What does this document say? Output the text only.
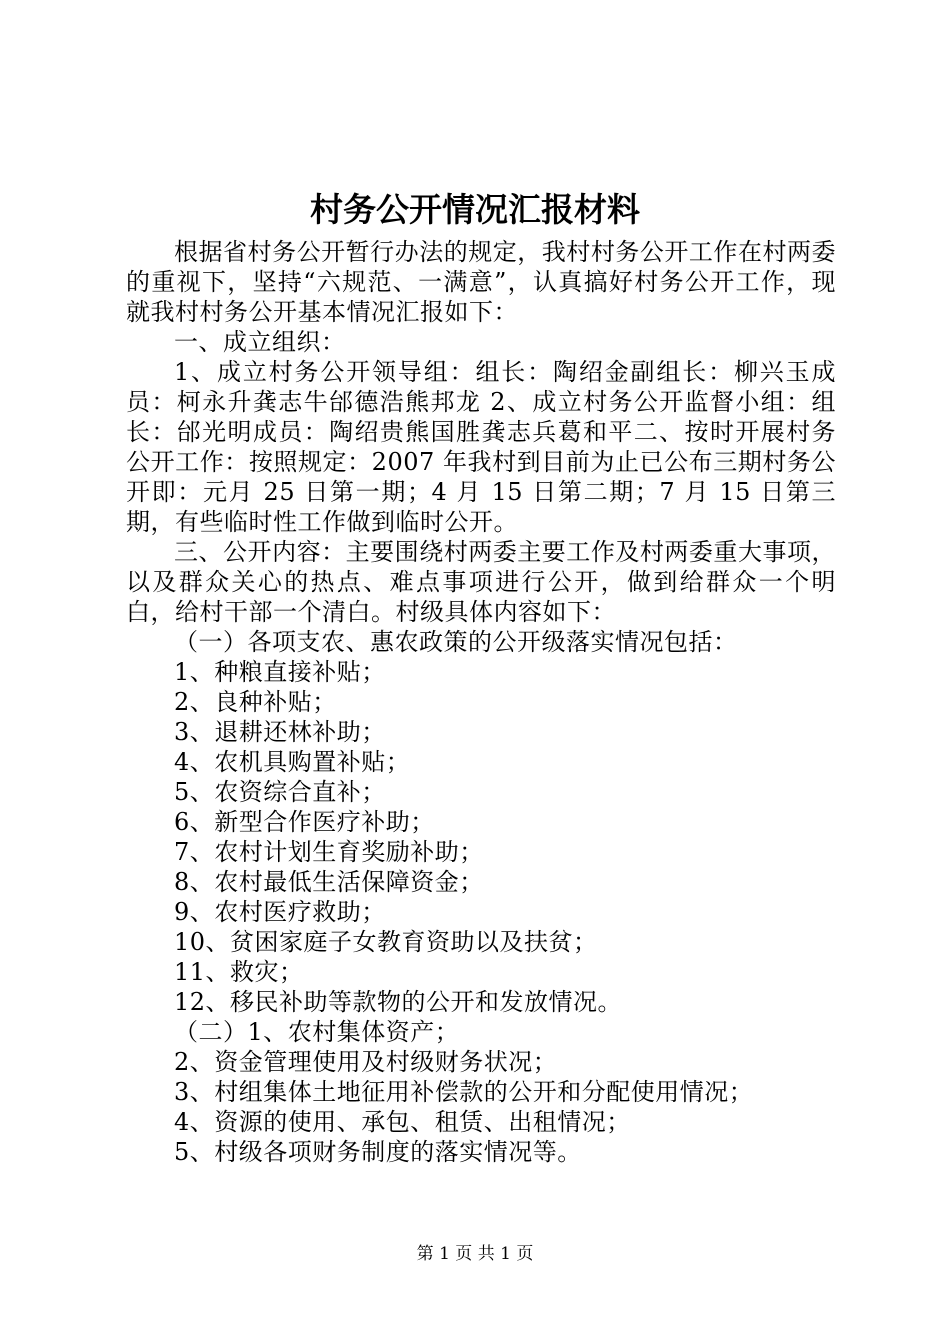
村务公开情况汇报材料

根据省村务公开暂行办法的规定，我村村务公开工作在村两委的重视下，坚持“六规范、一满意”，认真搞好村务公开工作，现就我村村务公开基本情况汇报如下：

一、成立组织：

1、成立村务公开领导组：组长：陶绍金副组长：柳兴玉成员：柯永升龚志牛邰德浩熊邦龙 2、成立村务公开监督小组：组长：邰光明成员：陶绍贵熊国胜龚志兵葛和平二、按时开展村务公开工作：按照规定：2007 年我村到目前为止已公布三期村务公开即：元月 25 日第一期；4 月 15 日第二期；7 月 15 日第三期，有些临时性工作做到临时公开。

三、公开内容：主要围绕村两委主要工作及村两委重大事项，以及群众关心的热点、难点事项进行公开，做到给群众一个明白，给村干部一个清白。村级具体内容如下：

（一）各项支农、惠农政策的公开级落实情况包括：

1、种粮直接补贴；

2、良种补贴；

3、退耕还林补助；

4、农机具购置补贴；

5、农资综合直补；

6、新型合作医疗补助；

7、农村计划生育奖励补助；

8、农村最低生活保障资金；

9、农村医疗救助；

10、贫困家庭子女教育资助以及扶贫；

11、救灾；

12、移民补助等款物的公开和发放情况。

（二）1、农村集体资产；

2、资金管理使用及村级财务状况；

3、村组集体土地征用补偿款的公开和分配使用情况；

4、资源的使用、承包、租赁、出租情况；

5、村级各项财务制度的落实情况等。

第 1 页 共 1 页
